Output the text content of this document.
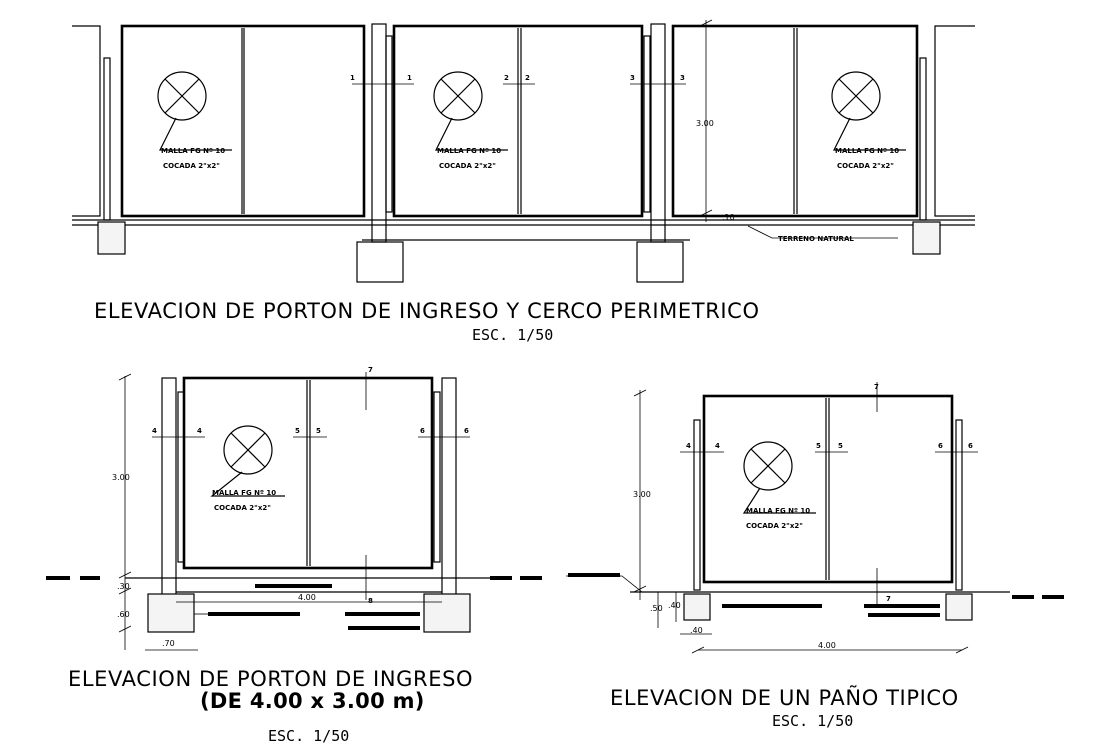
MALLA FG Nº 10
COCADA 2"x2"
MALLA FG Nº 10
COCADA 2"x2"
MALLA FG Nº 10
COCADA 2"x2"
1	1	2 2	3	3
3.00
.10
TERRENO NATURAL
ELEVACION DE PORTON DE INGRESO Y CERCO PERIMETRICO
ESC. 1/50
MALLA FG Nº 10
COCADA 2"x2"
4	4	5 5	6	6
7
8
3.00
.30
.60
4.00
.70
ELEVACION DE PORTON DE INGRESO
(DE 4.00 x 3.00 m)
ESC. 1/50
MALLA FG Nº 10
COCADA 2"x2"
4	4	5 5	6	6
7
7
3.00
.50 .40
.40
4.00
ELEVACION DE UN PAÑO TIPICO
ESC. 1/50
